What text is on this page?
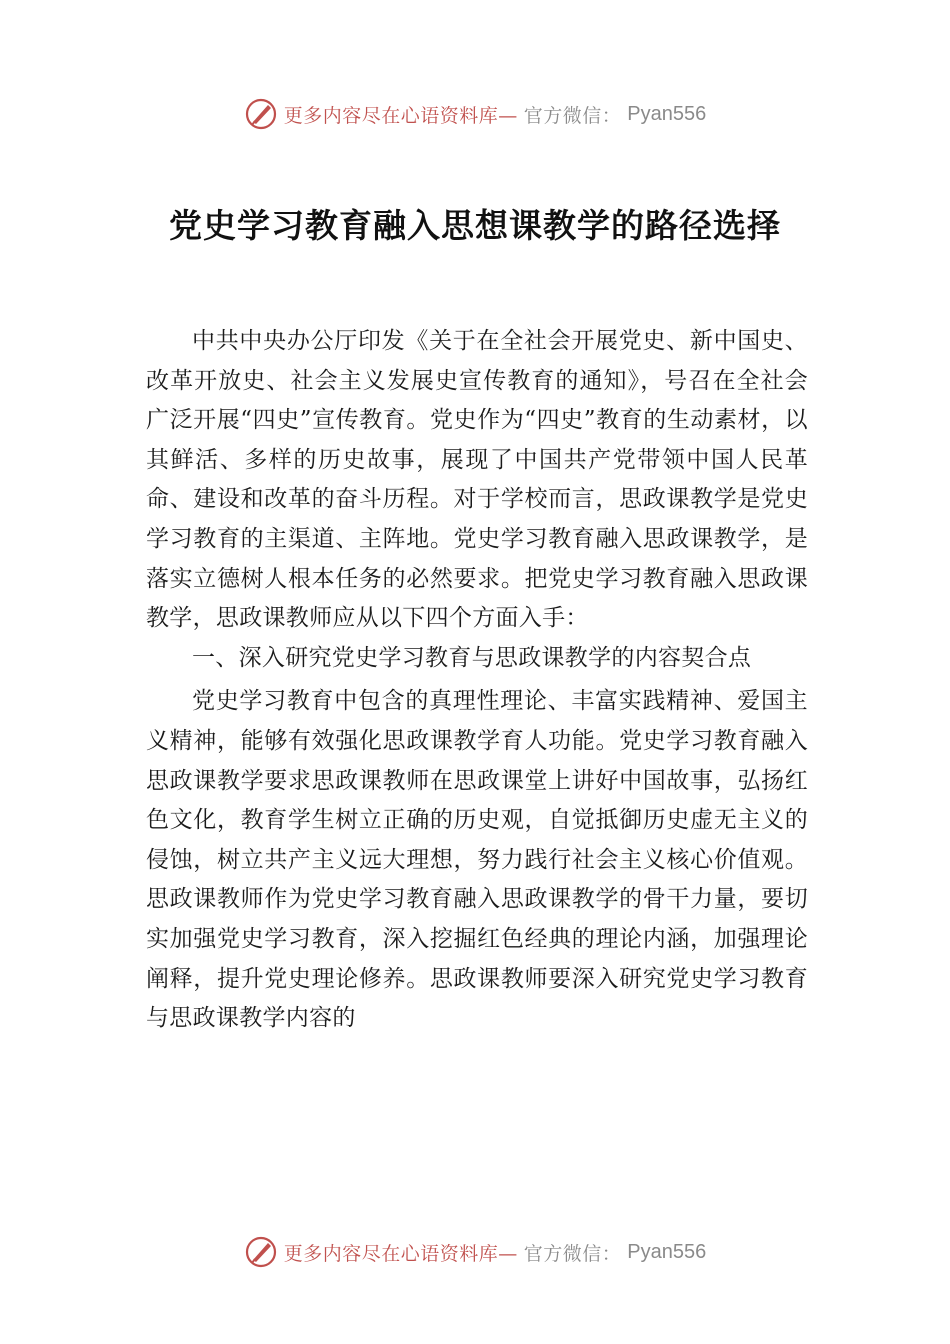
更多内容尽在心语资料库— 官方微信： Pyan556
党史学习教育融入思想课教学的路径选择

中共中央办公厅印发《关于在全社会开展党史、新中国史、改革开放史、社会主义发展史宣传教育的通知》，号召在全社会广泛开展“四史”宣传教育。党史作为“四史”教育的生动素材，以其鲜活、多样的历史故事，展现了中国共产党带领中国人民革命、建设和改革的奋斗历程。对于学校而言，思政课教学是党史学习教育的主渠道、主阵地。党史学习教育融入思政课教学，是落实立德树人根本任务的必然要求。把党史学习教育融入思政课教学，思政课教师应从以下四个方面入手：

一、深入研究党史学习教育与思政课教学的内容契合点

党史学习教育中包含的真理性理论、丰富实践精神、爱国主义精神，能够有效强化思政课教学育人功能。党史学习教育融入思政课教学要求思政课教师在思政课堂上讲好中国故事，弘扬红色文化，教育学生树立正确的历史观，自觉抵御历史虚无主义的侵蚀，树立共产主义远大理想，努力践行社会主义核心价值观。思政课教师作为党史学习教育融入思政课教学的骨干力量，要切实加强党史学习教育，深入挖掘红色经典的理论内涵，加强理论阐释，提升党史理论修养。思政课教师要深入研究党史学习教育与思政课教学内容的

更多内容尽在心语资料库— 官方微信： Pyan556
